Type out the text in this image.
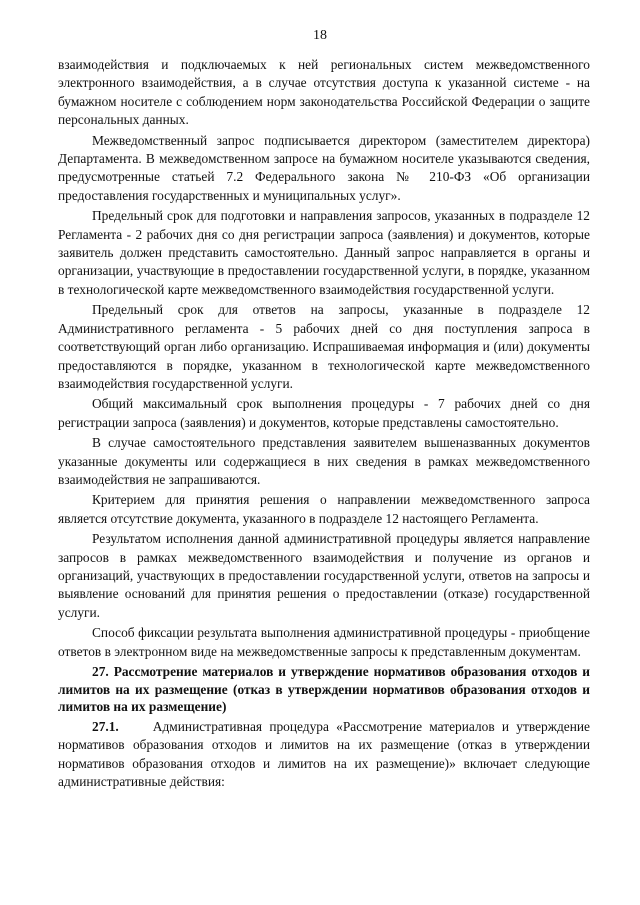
18

взаимодействия и подключаемых к ней региональных систем межведомственного электронного взаимодействия, а в случае отсутствия доступа к указанной системе - на бумажном носителе с соблюдением норм законодательства Российской Федерации о защите персональных данных.

Межведомственный запрос подписывается директором (заместителем директора) Департамента. В межведомственном запросе на бумажном носителе указываются сведения, предусмотренные статьей 7.2 Федерального закона № 210-ФЗ «Об организации предоставления государственных и муниципальных услуг».

Предельный срок для подготовки и направления запросов, указанных в подразделе 12 Регламента - 2 рабочих дня со дня регистрации запроса (заявления) и документов, которые заявитель должен представить самостоятельно. Данный запрос направляется в органы и организации, участвующие в предоставлении государственной услуги, в порядке, указанном в технологической карте межведомственного взаимодействия государственной услуги.

Предельный срок для ответов на запросы, указанные в подразделе 12 Административного регламента - 5 рабочих дней со дня поступления запроса в соответствующий орган либо организацию. Испрашиваемая информация и (или) документы предоставляются в порядке, указанном в технологической карте межведомственного взаимодействия государственной услуги.

Общий максимальный срок выполнения процедуры - 7 рабочих дней со дня регистрации запроса (заявления) и документов, которые представлены самостоятельно.

В случае самостоятельного представления заявителем вышеназванных документов указанные документы или содержащиеся в них сведения в рамках межведомственного взаимодействия не запрашиваются.

Критерием для принятия решения о направлении межведомственного запроса является отсутствие документа, указанного в подразделе 12 настоящего Регламента.

Результатом исполнения данной административной процедуры является направление запросов в рамках межведомственного взаимодействия и получение из органов и организаций, участвующих в предоставлении государственной услуги, ответов на запросы и выявление оснований для принятия решения о предоставлении (отказе) государственной услуги.

Способ фиксации результата выполнения административной процедуры - приобщение ответов в электронном виде на межведомственные запросы к представленным документам.

27. Рассмотрение материалов и утверждение нормативов образования отходов и лимитов на их размещение (отказ в утверждении нормативов образования отходов и лимитов на их размещение)

27.1.	Административная процедура «Рассмотрение материалов и утверждение нормативов образования отходов и лимитов на их размещение (отказ в утверждении нормативов образования отходов и лимитов на их размещение)» включает следующие административные действия:
